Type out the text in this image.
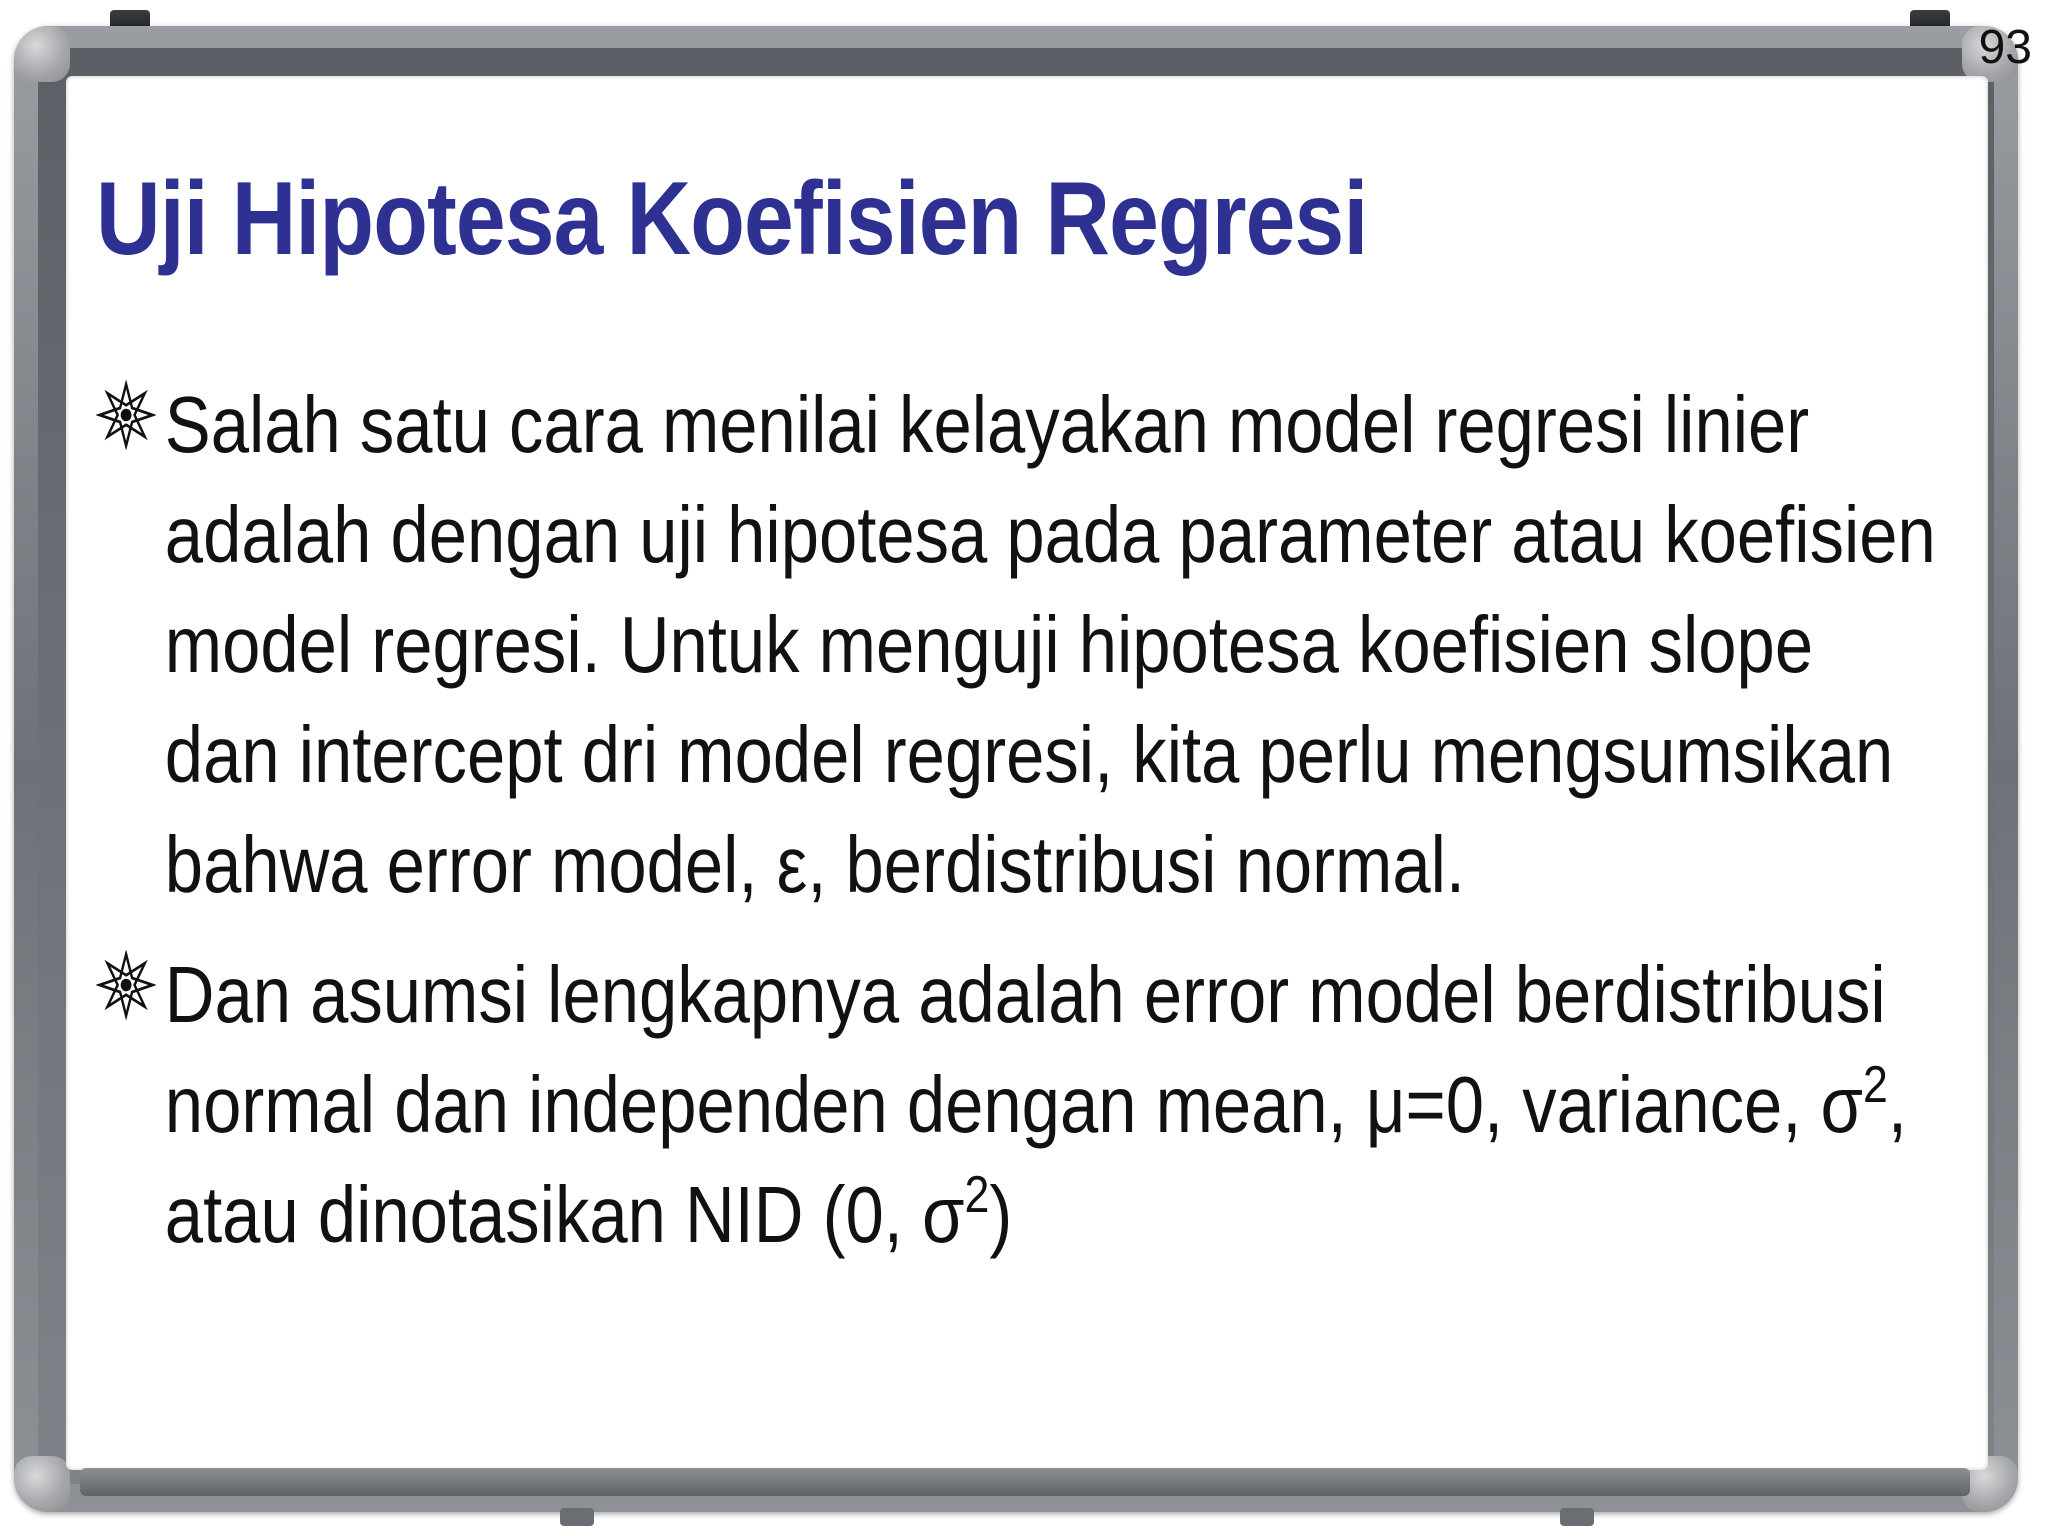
93
Uji Hipotesa Koefisien Regresi
Salah satu cara menilai kelayakan model regresi linier adalah dengan uji hipotesa pada parameter atau koefisien model regresi. Untuk menguji hipotesa koefisien slope dan intercept dri model regresi, kita perlu mengsumsikan bahwa error model, ε, berdistribusi normal.
Dan asumsi lengkapnya adalah error model berdistribusi normal dan independen dengan mean, μ=0, variance, $\sigma^2$, atau dinotasikan NID (0, $\sigma^2$)
